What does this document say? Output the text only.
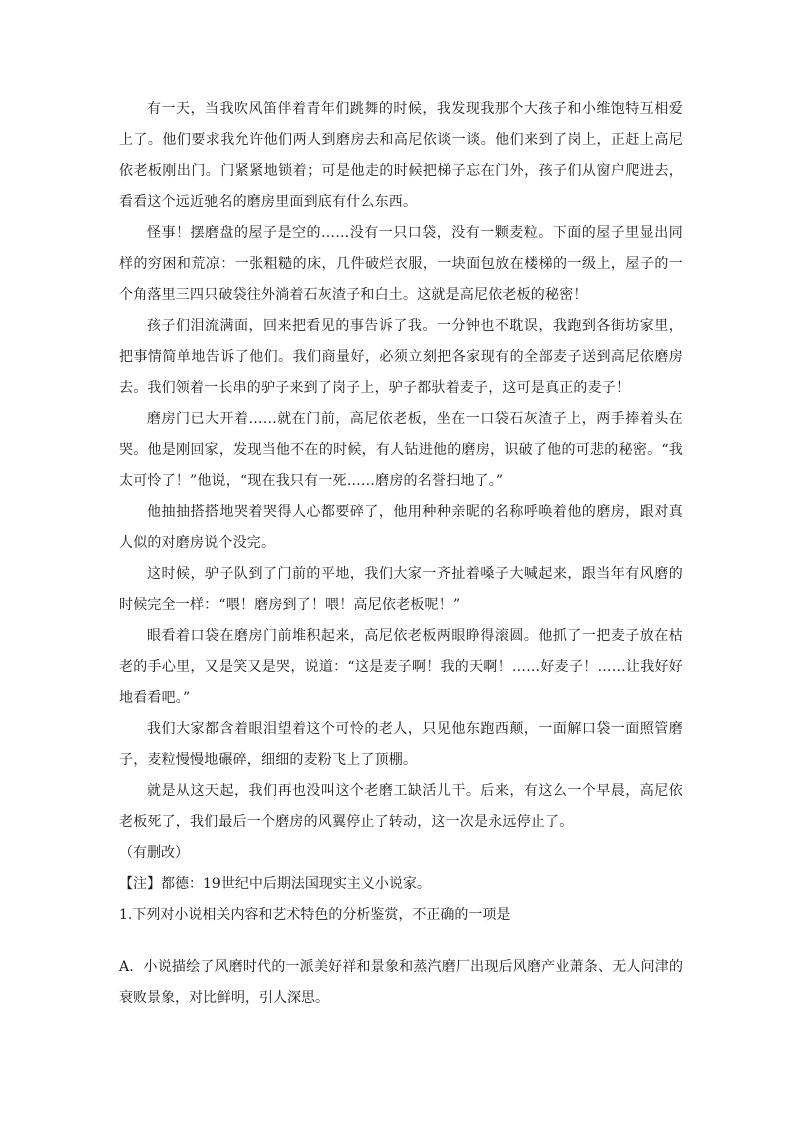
有一天，当我吹风笛伴着青年们跳舞的时候，我发现我那个大孩子和小维饱特互相爱上了。他们要求我允许他们两人到磨房去和高尼依谈一谈。他们来到了岗上，正赶上高尼依老板刚出门。门紧紧地锁着；可是他走的时候把梯子忘在门外，孩子们从窗户爬进去，看看这个远近驰名的磨房里面到底有什么东西。

怪事！摆磨盘的屋子是空的……没有一只口袋，没有一颗麦粒。下面的屋子里显出同样的穷困和荒凉：一张粗糙的床，几件破烂衣服，一块面包放在楼梯的一级上，屋子的一个角落里三四只破袋往外淌着石灰渣子和白土。这就是高尼依老板的秘密！

孩子们泪流满面，回来把看见的事告诉了我。一分钟也不耽误，我跑到各街坊家里，把事情简单地告诉了他们。我们商量好，必须立刻把各家现有的全部麦子送到高尼依磨房去。我们领着一长串的驴子来到了岗子上，驴子都驮着麦子，这可是真正的麦子！

磨房门已大开着……就在门前，高尼依老板，坐在一口袋石灰渣子上，两手捧着头在哭。他是刚回家，发现当他不在的时候，有人钻进他的磨房，识破了他的可悲的秘密。“我太可怜了！”他说，“现在我只有一死……磨房的名誉扫地了。”

他抽抽搭搭地哭着哭得人心都要碎了，他用种种亲昵的名称呼唤着他的磨房，跟对真人似的对磨房说个没完。

这时候，驴子队到了门前的平地，我们大家一齐扯着嗓子大喊起来，跟当年有风磨的时候完全一样：“喂！磨房到了！喂！高尼依老板呢！”

眼看着口袋在磨房门前堆积起来，高尼依老板两眼睁得滚圆。他抓了一把麦子放在枯老的手心里，又是笑又是哭，说道：“这是麦子啊！我的天啊！……好麦子！……让我好好地看看吧。”

我们大家都含着眼泪望着这个可怜的老人，只见他东跑西颠，一面解口袋一面照管磨子，麦粒慢慢地碾碎，细细的麦粉飞上了顶棚。

就是从这天起，我们再也没叫这个老磨工缺活儿干。后来，有这么一个早晨，高尼依老板死了，我们最后一个磨房的风翼停止了转动，这一次是永远停止了。

（有删改）

【注】都德：19世纪中后期法国现实主义小说家。

1.下列对小说相关内容和艺术特色的分析鉴赏，不正确的一项是

A．小说描绘了风磨时代的一派美好祥和景象和蒸汽磨厂出现后风磨产业萧条、无人问津的衰败景象，对比鲜明，引人深思。
